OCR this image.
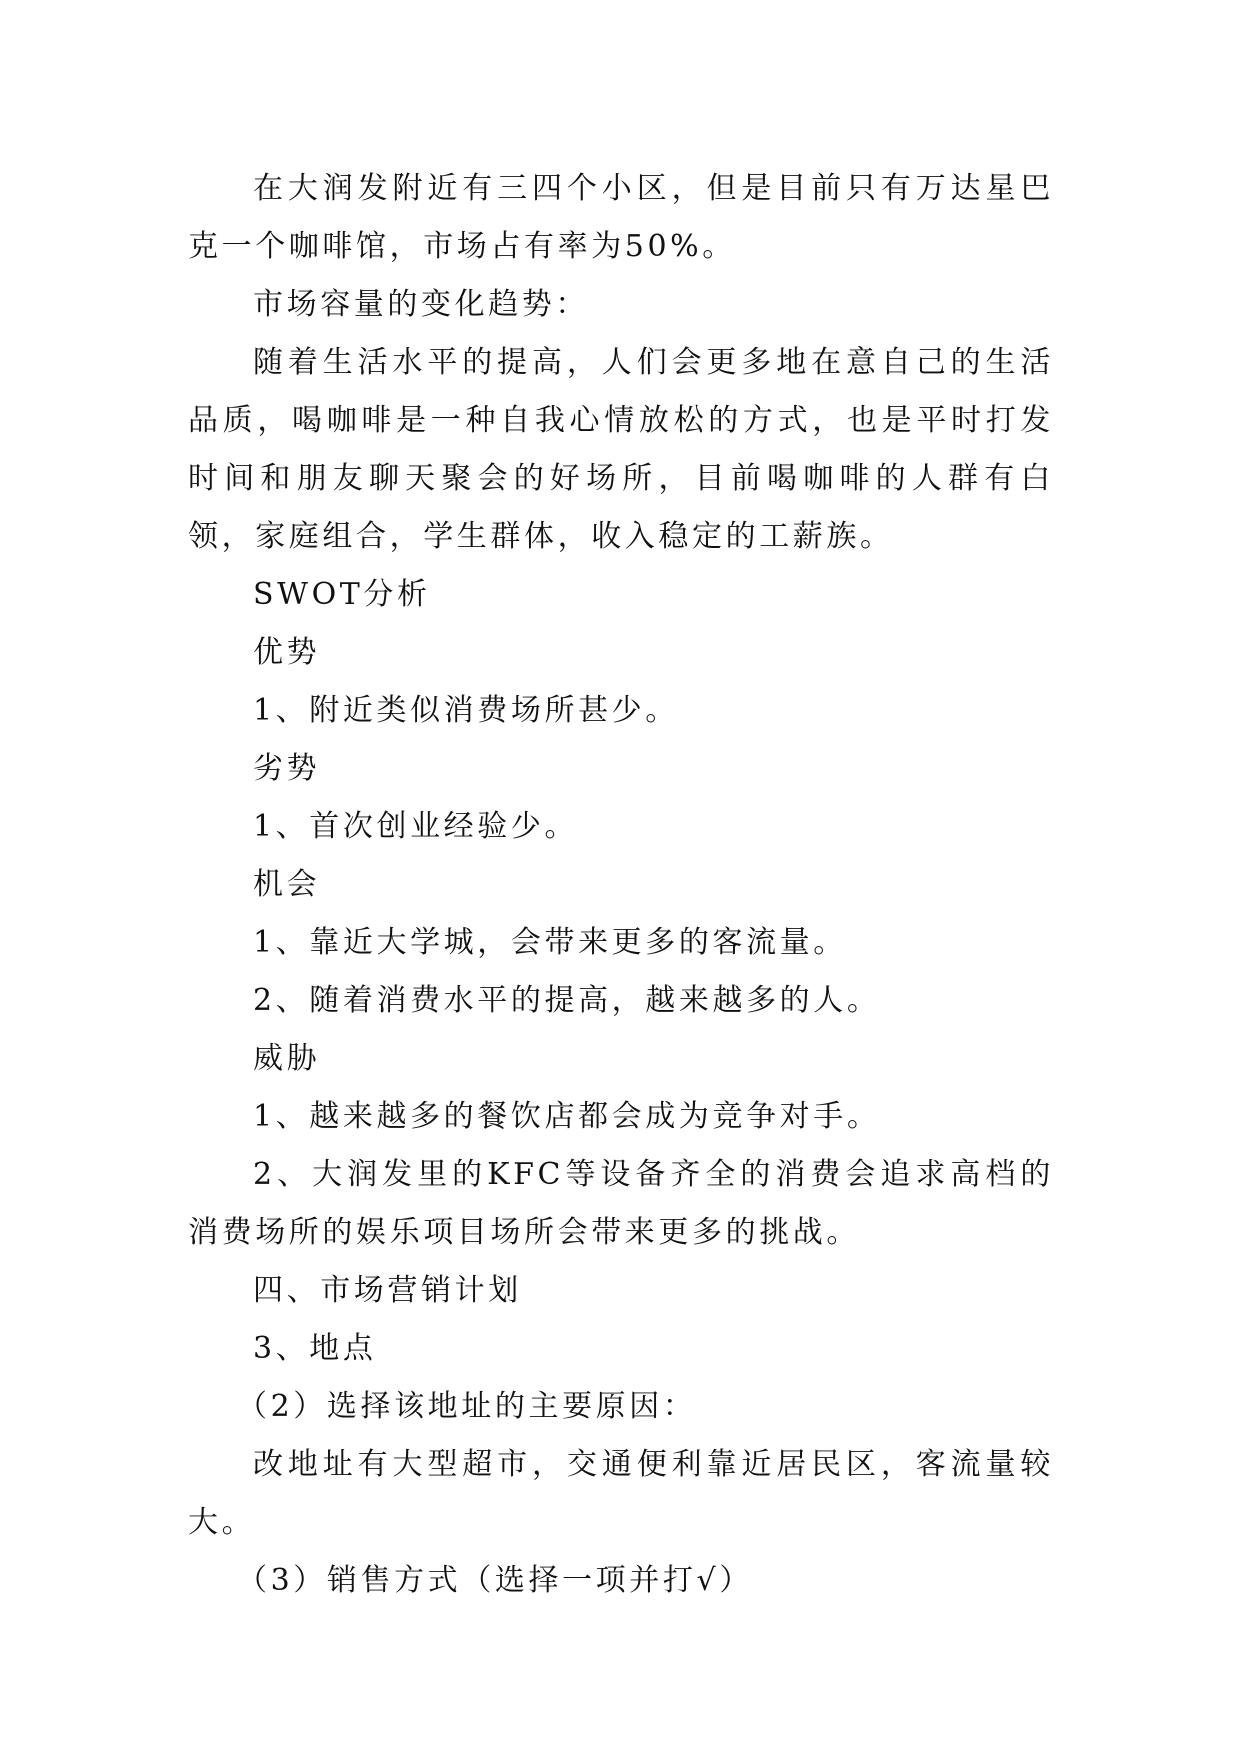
在大润发附近有三四个小区，但是目前只有万达星巴克一个咖啡馆，市场占有率为50%。

市场容量的变化趋势：

随着生活水平的提高，人们会更多地在意自己的生活品质，喝咖啡是一种自我心情放松的方式，也是平时打发时间和朋友聊天聚会的好场所，目前喝咖啡的人群有白领，家庭组合，学生群体，收入稳定的工薪族。

SWOT分析

优势

1、附近类似消费场所甚少。

劣势

1、首次创业经验少。

机会

1、靠近大学城，会带来更多的客流量。

2、随着消费水平的提高，越来越多的人。

威胁

1、越来越多的餐饮店都会成为竞争对手。

2、大润发里的KFC等设备齐全的消费会追求高档的消费场所的娱乐项目场所会带来更多的挑战。

四、市场营销计划

3、地点

（2）选择该地址的主要原因：

改地址有大型超市，交通便利靠近居民区，客流量较大。

（3）销售方式（选择一项并打√）
